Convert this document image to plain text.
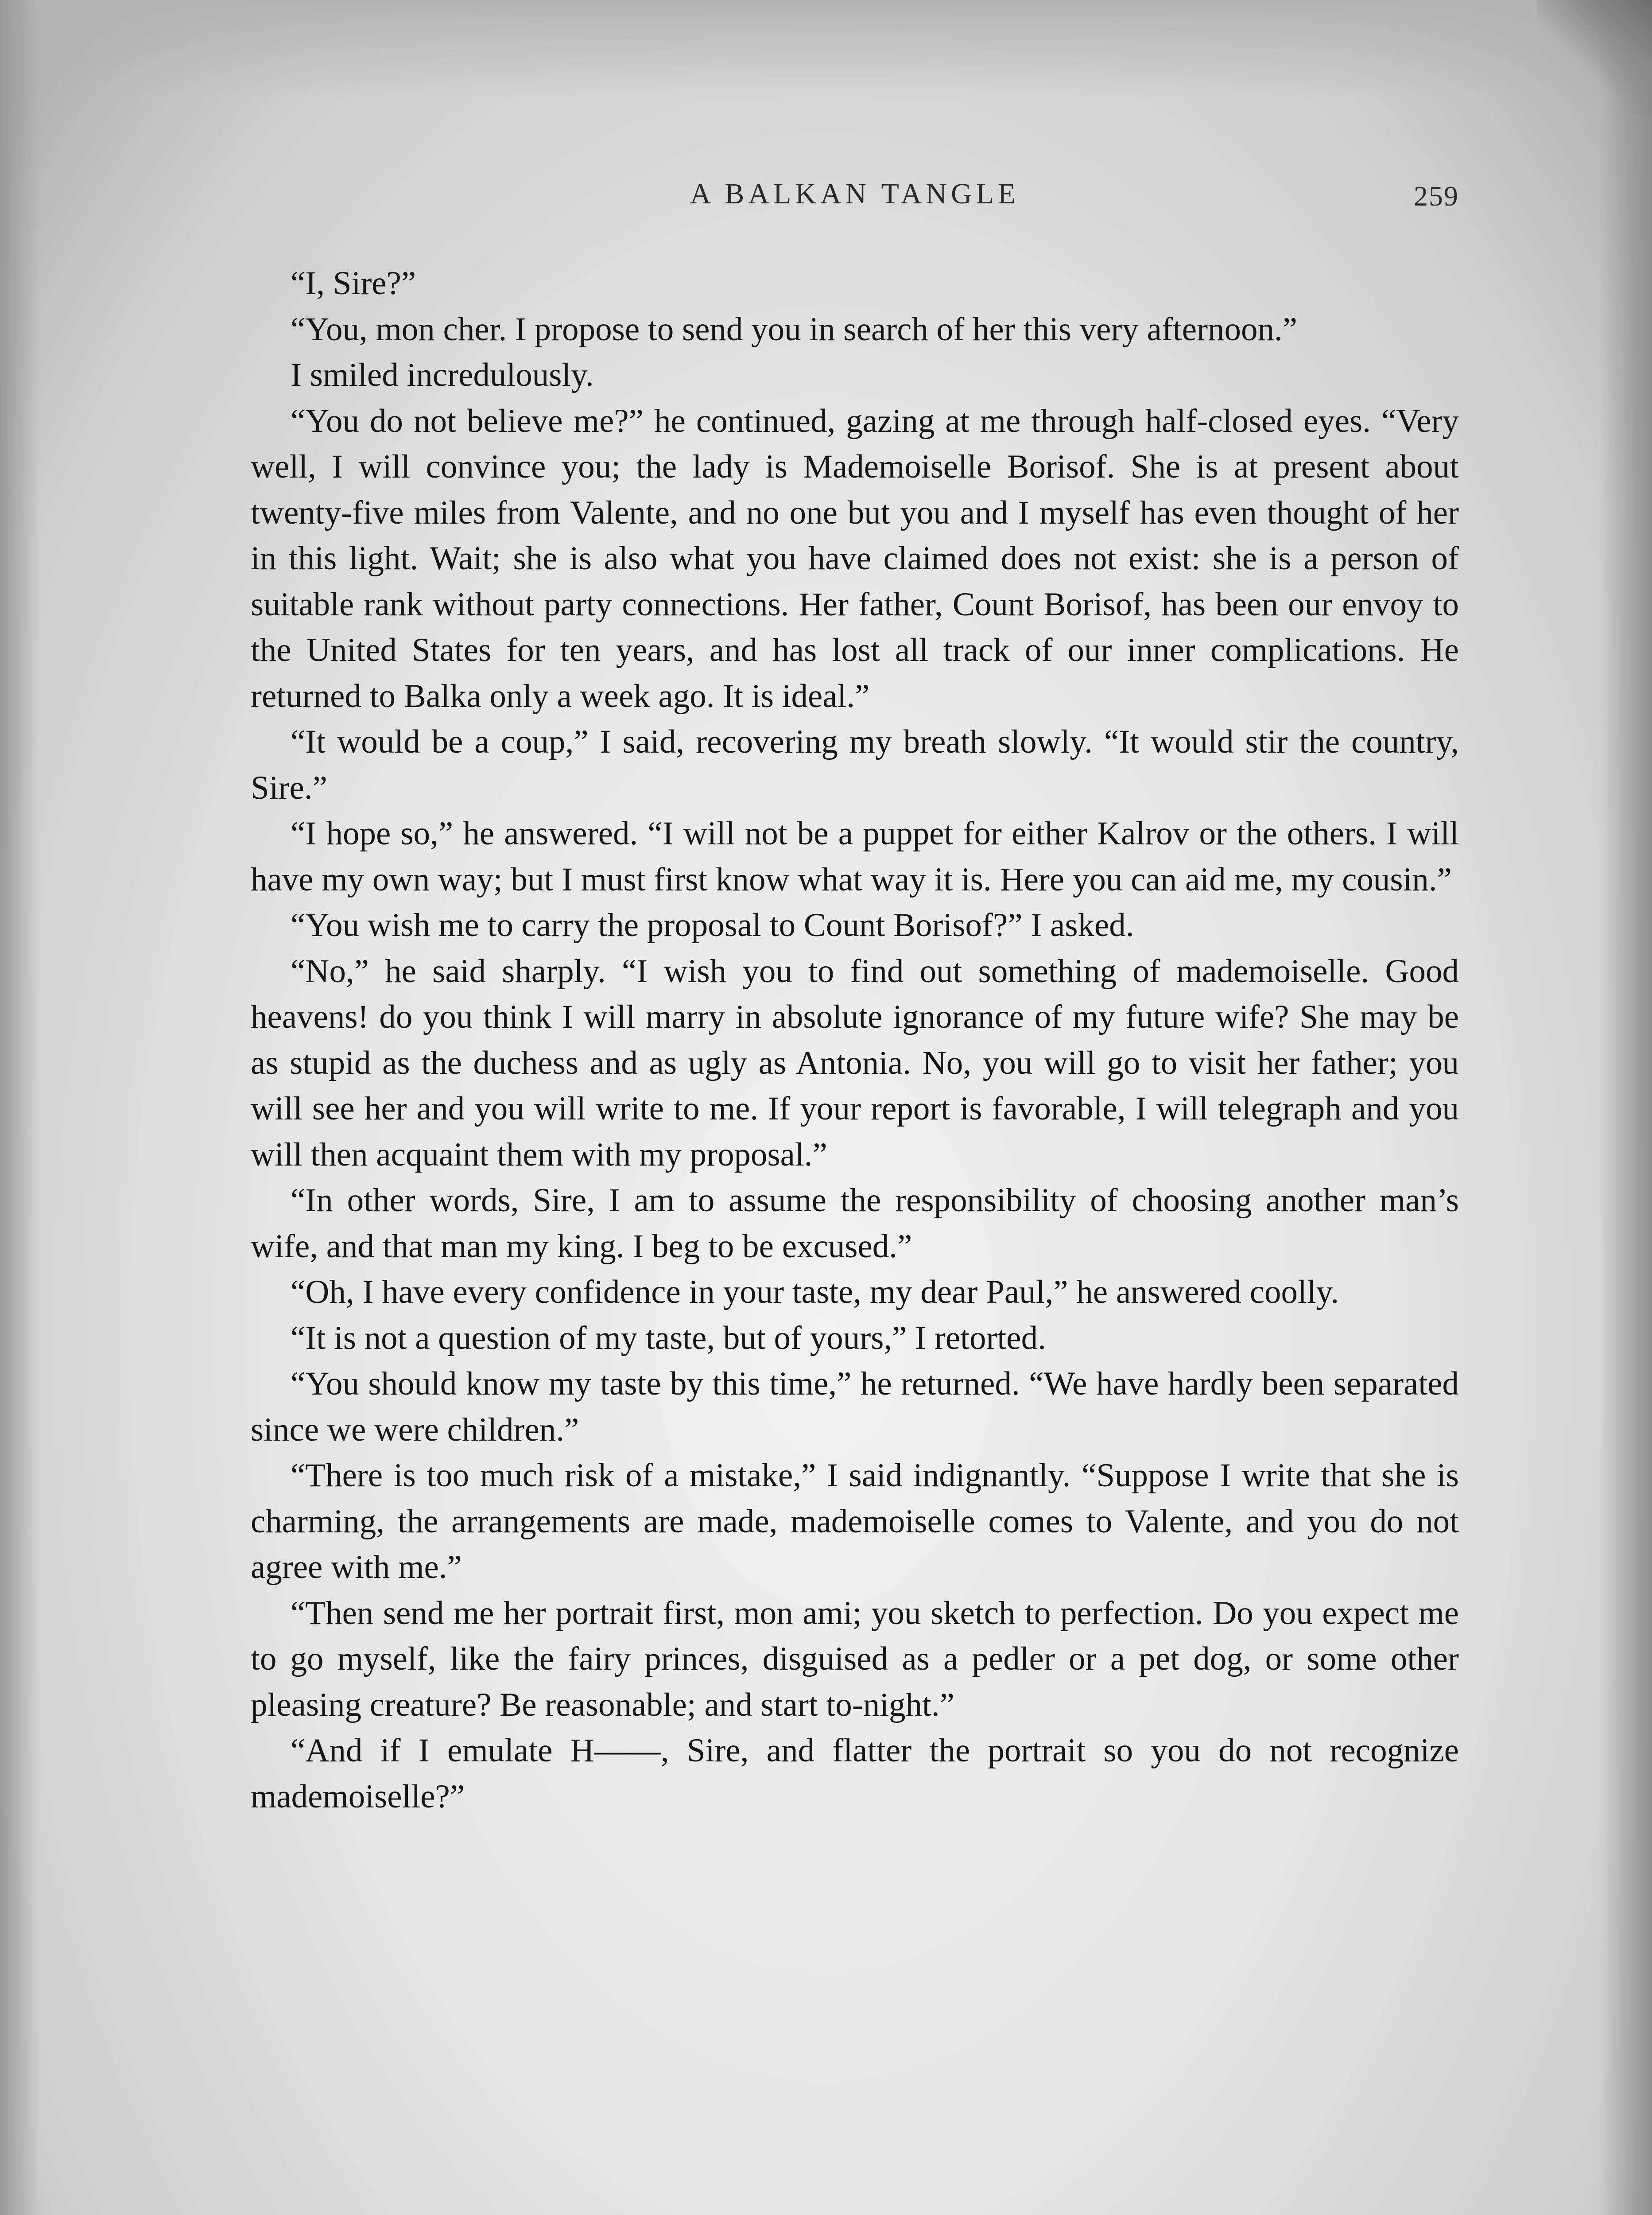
A BALKAN TANGLE	259

“I, Sire?”

“You, mon cher. I propose to send you in search of her this very afternoon.”

I smiled incredulously.

“You do not believe me?” he continued, gazing at me through half-closed eyes. “Very well, I will convince you; the lady is Mademoiselle Borisof. She is at present about twenty-five miles from Valente, and no one but you and I myself has even thought of her in this light. Wait; she is also what you have claimed does not exist: she is a person of suitable rank without party connections. Her father, Count Borisof, has been our envoy to the United States for ten years, and has lost all track of our inner complications. He returned to Balka only a week ago. It is ideal.”

“It would be a coup,” I said, recovering my breath slowly. “It would stir the country, Sire.”

“I hope so,” he answered. “I will not be a puppet for either Kalrov or the others. I will have my own way; but I must first know what way it is. Here you can aid me, my cousin.”

“You wish me to carry the proposal to Count Borisof?” I asked.

“No,” he said sharply. “I wish you to find out something of mademoiselle. Good heavens! do you think I will marry in absolute ignorance of my future wife? She may be as stupid as the duchess and as ugly as Antonia. No, you will go to visit her father; you will see her and you will write to me. If your report is favorable, I will telegraph and you will then acquaint them with my proposal.”

“In other words, Sire, I am to assume the responsibility of choosing another man’s wife, and that man my king. I beg to be excused.”

“Oh, I have every confidence in your taste, my dear Paul,” he answered coolly.

“It is not a question of my taste, but of yours,” I retorted.

“You should know my taste by this time,” he returned. “We have hardly been separated since we were children.”

“There is too much risk of a mistake,” I said indignantly. “Suppose I write that she is charming, the arrangements are made, mademoiselle comes to Valente, and you do not agree with me.”

“Then send me her portrait first, mon ami; you sketch to perfection. Do you expect me to go myself, like the fairy princes, disguised as a pedler or a pet dog, or some other pleasing creature? Be reasonable; and start to-night.”

“And if I emulate H——, Sire, and flatter the portrait so you do not recognize mademoiselle?”
